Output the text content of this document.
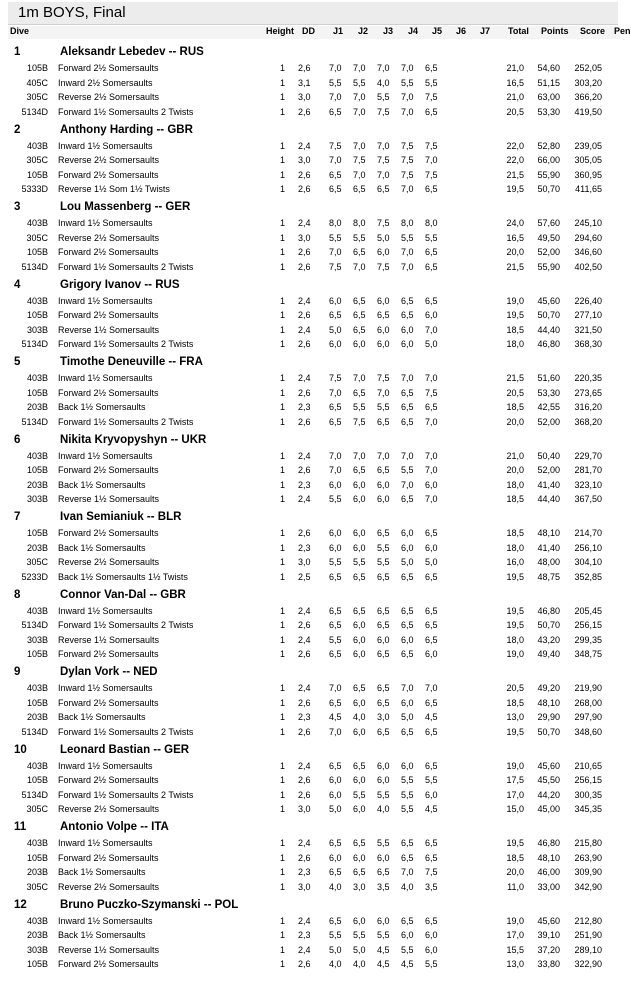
1m BOYS, Final
Dive	Height DD J1 J2 J3 J4 J5 J6 J7 Total Points Score Pen
1	Aleksandr Lebedev -- RUS
105B Forward 2½ Somersaults	1 2,6 7,0 7,0 7,0 7,0 6,5	21,0	54,60	252,05
405C Inward 2½ Somersaults	1 3,1 5,5 5,5 4,0 5,5 5,5	16,5	51,15	303,20
305C Reverse 2½ Somersaults	1 3,0 7,0 7,0 5,5 7,0 7,5	21,0	63,00	366,20
5134D Forward 1½ Somersaults 2 Twists	1 2,6 6,5 7,0 7,5 7,0 6,5	20,5	53,30	419,50
2	Anthony Harding -- GBR
403B Inward 1½ Somersaults	1 2,4 7,5 7,0 7,0 7,5 7,5	22,0	52,80	239,05
305C Reverse 2½ Somersaults	1 3,0 7,0 7,5 7,5 7,5 7,0	22,0	66,00	305,05
105B Forward 2½ Somersaults	1 2,6 6,5 7,0 7,0 7,5 7,5	21,5	55,90	360,95
5333D Reverse 1½ Som 1½ Twists	1 2,6 6,5 6,5 6,5 7,0 6,5	19,5	50,70	411,65
3	Lou Massenberg -- GER
403B Inward 1½ Somersaults	1 2,4 8,0 8,0 7,5 8,0 8,0	24,0	57,60	245,10
305C Reverse 2½ Somersaults	1 3,0 5,5 5,5 5,0 5,5 5,5	16,5	49,50	294,60
105B Forward 2½ Somersaults	1 2,6 7,0 6,5 6,0 7,0 6,5	20,0	52,00	346,60
5134D Forward 1½ Somersaults 2 Twists	1 2,6 7,5 7,0 7,5 7,0 6,5	21,5	55,90	402,50
4	Grigory Ivanov -- RUS
403B Inward 1½ Somersaults	1 2,4 6,0 6,5 6,0 6,5 6,5	19,0	45,60	226,40
105B Forward 2½ Somersaults	1 2,6 6,5 6,5 6,5 6,5 6,0	19,5	50,70	277,10
303B Reverse 1½ Somersaults	1 2,4 5,0 6,5 6,0 6,0 7,0	18,5	44,40	321,50
5134D Forward 1½ Somersaults 2 Twists	1 2,6 6,0 6,0 6,0 6,0 5,0	18,0	46,80	368,30
5	Timothe Deneuville -- FRA
403B Inward 1½ Somersaults	1 2,4 7,5 7,0 7,5 7,0 7,0	21,5	51,60	220,35
105B Forward 2½ Somersaults	1 2,6 7,0 6,5 7,0 6,5 7,5	20,5	53,30	273,65
203B Back 1½ Somersaults	1 2,3 6,5 5,5 5,5 6,5 6,5	18,5	42,55	316,20
5134D Forward 1½ Somersaults 2 Twists	1 2,6 6,5 7,5 6,5 6,5 7,0	20,0	52,00	368,20
6	Nikita Kryvopyshyn -- UKR
403B Inward 1½ Somersaults	1 2,4 7,0 7,0 7,0 7,0 7,0	21,0	50,40	229,70
105B Forward 2½ Somersaults	1 2,6 7,0 6,5 6,5 5,5 7,0	20,0	52,00	281,70
203B Back 1½ Somersaults	1 2,3 6,0 6,0 6,0 7,0 6,0	18,0	41,40	323,10
303B Reverse 1½ Somersaults	1 2,4 5,5 6,0 6,0 6,5 7,0	18,5	44,40	367,50
7	Ivan Semianiuk -- BLR
105B Forward 2½ Somersaults	1 2,6 6,0 6,0 6,5 6,0 6,5	18,5	48,10	214,70
203B Back 1½ Somersaults	1 2,3 6,0 6,0 5,5 6,0 6,0	18,0	41,40	256,10
305C Reverse 2½ Somersaults	1 3,0 5,5 5,5 5,5 5,0 5,0	16,0	48,00	304,10
5233D Back 1½ Somersaults 1½ Twists	1 2,5 6,5 6,5 6,5 6,5 6,5	19,5	48,75	352,85
8	Connor Van-Dal -- GBR
403B Inward 1½ Somersaults	1 2,4 6,5 6,5 6,5 6,5 6,5	19,5	46,80	205,45
5134D Forward 1½ Somersaults 2 Twists	1 2,6 6,5 6,0 6,5 6,5 6,5	19,5	50,70	256,15
303B Reverse 1½ Somersaults	1 2,4 5,5 6,0 6,0 6,0 6,5	18,0	43,20	299,35
105B Forward 2½ Somersaults	1 2,6 6,5 6,0 6,5 6,5 6,0	19,0	49,40	348,75
9	Dylan Vork -- NED
403B Inward 1½ Somersaults	1 2,4 7,0 6,5 6,5 7,0 7,0	20,5	49,20	219,90
105B Forward 2½ Somersaults	1 2,6 6,5 6,0 6,5 6,0 6,5	18,5	48,10	268,00
203B Back 1½ Somersaults	1 2,3 4,5 4,0 3,0 5,0 4,5	13,0	29,90	297,90
5134D Forward 1½ Somersaults 2 Twists	1 2,6 7,0 6,0 6,5 6,5 6,5	19,5	50,70	348,60
10	Leonard Bastian -- GER
403B Inward 1½ Somersaults	1 2,4 6,5 6,5 6,0 6,0 6,5	19,0	45,60	210,65
105B Forward 2½ Somersaults	1 2,6 6,0 6,0 6,0 5,5 5,5	17,5	45,50	256,15
5134D Forward 1½ Somersaults 2 Twists	1 2,6 6,0 5,5 5,5 5,5 6,0	17,0	44,20	300,35
305C Reverse 2½ Somersaults	1 3,0 5,0 6,0 4,0 5,5 4,5	15,0	45,00	345,35
11	Antonio Volpe -- ITA
403B Inward 1½ Somersaults	1 2,4 6,5 6,5 5,5 6,5 6,5	19,5	46,80	215,80
105B Forward 2½ Somersaults	1 2,6 6,0 6,0 6,0 6,5 6,5	18,5	48,10	263,90
203B Back 1½ Somersaults	1 2,3 6,5 6,5 6,5 7,0 7,5	20,0	46,00	309,90
305C Reverse 2½ Somersaults	1 3,0 4,0 3,0 3,5 4,0 3,5	11,0	33,00	342,90
12	Bruno Puczko-Szymanski -- POL
403B Inward 1½ Somersaults	1 2,4 6,5 6,0 6,0 6,5 6,5	19,0	45,60	212,80
203B Back 1½ Somersaults	1 2,3 5,5 5,5 5,5 6,0 6,0	17,0	39,10	251,90
303B Reverse 1½ Somersaults	1 2,4 5,0 5,0 4,5 5,5 6,0	15,5	37,20	289,10
105B Forward 2½ Somersaults	1 2,6 4,0 4,0 4,5 4,5 5,5	13,0	33,80	322,90
